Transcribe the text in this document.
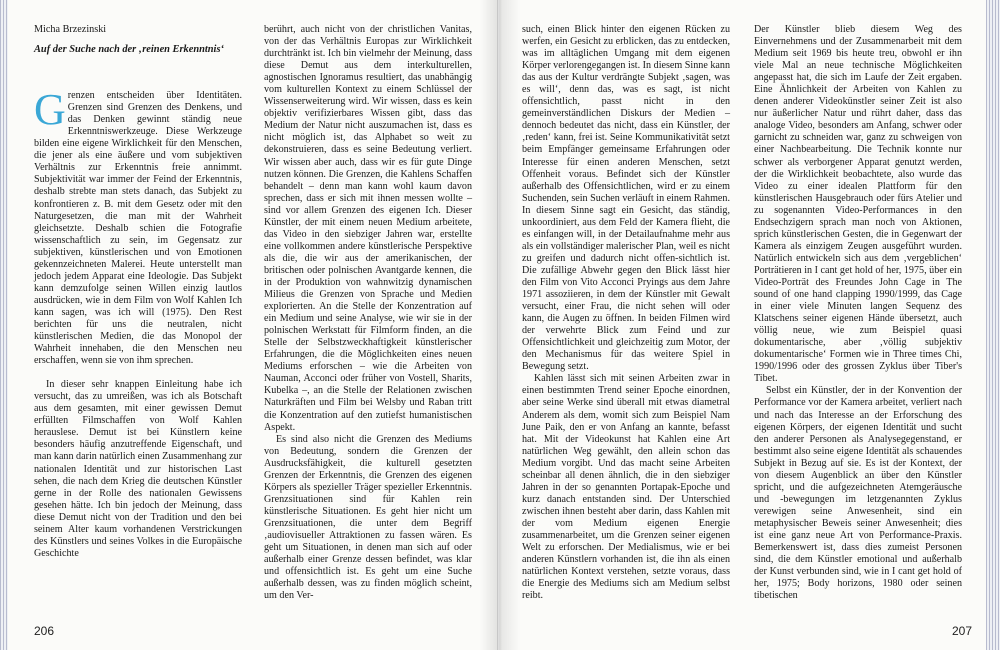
Micha Brzezinski
Auf der Suche nach der ‚reinen Erkenntnis‘

Grenzen entscheiden über Identitäten. Grenzen sind Grenzen des Denkens, und das Denken gewinnt ständig neue Erkenntniswerkzeuge. Diese Werkzeuge bilden eine eigene Wirklichkeit für den Menschen, die jener als eine äußere und vom subjektiven Verhältnis zur Erkenntnis freie annimmt. Subjektivität war immer der Feind der Erkenntnis, deshalb strebte man stets danach, das Subjekt zu konfrontieren z. B. mit dem Gesetz oder mit den Naturgesetzen, die man mit der Wahrheit gleichsetzte. Deshalb schien die Fotografie wissenschaftlich zu sein, im Gegensatz zur subjektiven, künstlerischen und von Emotionen gekennzeichneten Malerei. Heute unterstellt man jedoch jedem Apparat eine Ideologie. Das Subjekt kann demzufolge seinen Willen einzig lautlos ausdrücken, wie in dem Film von Wolf Kahlen Ich kann sagen, was ich will (1975). Den Rest berichten für uns die neutralen, nicht künstlerischen Medien, die das Monopol der Wahrheit innehaben, die den Menschen neu erschaffen, wenn sie von ihm sprechen.

In dieser sehr knappen Einleitung habe ich versucht, das zu umreißen, was ich als Botschaft aus dem gesamten, mit einer gewissen Demut erfüllten Filmschaffen von Wolf Kahlen herauslese. Demut ist bei Künstlern keine besonders häufig anzutreffende Eigenschaft, und man kann darin natürlich einen Zusammenhang zur nationalen Identität und zur historischen Last sehen, die nach dem Krieg die deutschen Künstler gerne in der Rolle des nationalen Gewissens gesehen hätte. Ich bin jedoch der Meinung, dass diese Demut nicht von der Tradition und den bei seinem Alter kaum vorhandenen Verstrickungen des Künstlers und seines Volkes in die Europäische Geschichte

berührt, auch nicht von der christlichen Vanitas, von der das Verhältnis Europas zur Wirklichkeit durchtränkt ist. Ich bin vielmehr der Meinung, dass diese Demut aus dem interkulturellen, agnostischen Ignoramus resultiert, das unabhängig vom kulturellen Kontext zu einem Schlüssel der Wissenserweiterung wird. Wir wissen, dass es kein objektiv verifizierbares Wissen gibt, dass das Medium der Natur nicht auszumachen ist, dass es nicht möglich ist, das Alphabet so weit zu dekonstruieren, dass es seine Bedeutung verliert. Wir wissen aber auch, dass wir es für gute Dinge nutzen können. Die Grenzen, die Kahlens Schaffen behandelt – denn man kann wohl kaum davon sprechen, dass er sich mit ihnen messen wollte – sind vor allem Grenzen des eigenen Ich. Dieser Künstler, der mit einem neuen Medium arbeitete, das Video in den siebziger Jahren war, erstellte eine vollkommen andere künstlerische Perspektive als die, die wir aus der amerikanischen, der britischen oder polnischen Avantgarde kennen, die in der Produktion von wahnwitzig dynamischen Milieus die Grenzen von Sprache und Medien explorierten. An die Stelle der Konzentration auf ein Medium und seine Analyse, wie wir sie in der polnischen Werkstatt für Filmform finden, an die Stelle der Selbstzweckhaftigkeit künstlerischer Erfahrungen, die die Möglichkeiten eines neuen Mediums erforschen – wie die Arbeiten von Nauman, Acconci oder früher von Vostell, Sharits, Kubelka –, an die Stelle der Relationen zwischen Naturkräften und Film bei Welsby und Raban tritt die Konzentration auf den zutiefst humanistischen Aspekt.

Es sind also nicht die Grenzen des Mediums von Bedeutung, sondern die Grenzen der Ausdrucksfähigkeit, die kulturell gesetzten Grenzen der Erkenntnis, die Grenzen des eigenen Körpers als spezieller Träger spezieller Erkenntnis. Grenzsituationen sind für Kahlen rein künstlerische Situationen. Es geht hier nicht um Grenzsituationen, die unter dem Begriff ‚audiovisueller Attraktionen zu fassen wären. Es geht um Situationen, in denen man sich auf oder außerhalb einer Grenze dessen befindet, was klar und offensichtlich ist. Es geht um eine Suche außerhalb dessen, was zu finden möglich scheint, um den Ver-

206

such, einen Blick hinter den eigenen Rücken zu werfen, ein Gesicht zu erblicken, das zu entdecken, was im alltäglichen Umgang mit dem eigenen Körper verlorengegangen ist. In diesem Sinne kann das aus der Kultur verdrängte Subjekt ‚sagen, was es will‘, denn das, was es sagt, ist nicht offensichtlich, passt nicht in den gemeinverständlichen Diskurs der Medien – dennoch bedeutet das nicht, dass ein Künstler, der ‚reden‘ kann, frei ist. Seine Kommunikativität setzt beim Empfänger gemeinsame Erfahrungen oder Interesse für einen anderen Menschen, setzt Offenheit voraus. Befindet sich der Künstler außerhalb des Offensichtlichen, wird er zu einem Suchenden, sein Suchen verläuft in einem Rahmen. In diesem Sinne sagt ein Gesicht, das ständig, unkoordiniert, aus dem Feld der Kamera flieht, die es einfangen will, in der Detailaufnahme mehr aus als ein vollständiger malerischer Plan, weil es nicht zu greifen und dadurch nicht offen-sichtlich ist. Die zufällige Abwehr gegen den Blick lässt hier den Film von Vito Acconci Pryings aus dem Jahre 1971 assoziieren, in dem der Künstler mit Gewalt versucht, einer Frau, die nicht sehen will oder kann, die Augen zu öffnen. In beiden Filmen wird der verwehrte Blick zum Feind und zur Offensichtlichkeit und gleichzeitig zum Motor, der den Mechanismus für das weitere Spiel in Bewegung setzt.

Kahlen lässt sich mit seinen Arbeiten zwar in einen bestimmten Trend seiner Epoche einordnen, aber seine Werke sind überall mit etwas diametral Anderem als dem, womit sich zum Beispiel Nam June Paik, den er von Anfang an kannte, befasst hat. Mit der Videokunst hat Kahlen eine Art natürlichen Weg gewählt, den allein schon das Medium vorgibt. Und das macht seine Arbeiten scheinbar all denen ähnlich, die in den siebziger Jahren in der so genannten Portapak-Epoche und kurz danach entstanden sind. Der Unterschied zwischen ihnen besteht aber darin, dass Kahlen mit der vom Medium eigenen Energie zusammenarbeitet, um die Grenzen seiner eigenen Welt zu erforschen. Der Medialismus, wie er bei anderen Künstlern vorhanden ist, die ihn als einen natürlichen Kontext verstehen, setzte voraus, dass die Energie des Mediums sich am Medium selbst reibt.

Der Künstler blieb diesem Weg des Einvernehmens und der Zusammenarbeit mit dem Medium seit 1969 bis heute treu, obwohl er ihn viele Mal an neue technische Möglichkeiten angepasst hat, die sich im Laufe der Zeit ergaben. Eine Ähnlichkeit der Arbeiten von Kahlen zu denen anderer Videokünstler seiner Zeit ist also nur äußerlicher Natur und rührt daher, dass das analoge Video, besonders am Anfang, schwer oder garnicht zu schneiden war, ganz zu schweigen von einer Nachbearbeitung. Die Technik konnte nur schwer als verborgener Apparat genutzt werden, der die Wirklichkeit beobachtete, also wurde das Video zu einer idealen Plattform für den künstlerischen Hausgebrauch oder fürs Atelier und zu sogenannten Video-Performances in den Endsechzigern sprach man noch von Aktionen, sprich künstlerischen Gesten, die in Gegenwart der Kamera als einzigem Zeugen ausgeführt wurden. Natürlich entwickeln sich aus dem ‚vergeblichen‘ Porträtieren in I cant get hold of her, 1975, über ein Video-Porträt des Freundes John Cage in The sound of one hand clapping 1990/1999, das Cage in einer viele Minuten langen Sequenz des Klatschens seiner eigenen Hände übersetzt, auch völlig neue, wie zum Beispiel quasi dokumentarische, aber ‚völlig subjektiv dokumentarische‘ Formen wie in Three times Chi, 1990/1996 oder des grossen Zyklus über Tiber's Tibet.

Selbst ein Künstler, der in der Konvention der Performance vor der Kamera arbeitet, verliert nach und nach das Interesse an der Erforschung des eigenen Körpers, der eigenen Identität und sucht den anderer Personen als Analysegegenstand, er bestimmt also seine eigene Identität als schauendes Subjekt in Bezug auf sie. Es ist der Kontext, der von diesem Augenblick an über den Künstler spricht, und die aufgezeichneten Atemgeräusche und -bewegungen im letzgenannten Zyklus verewigen seine Anwesenheit, sind ein metaphysischer Beweis seiner Anwesenheit; dies ist eine ganz neue Art von Performance-Praxis. Bemerkenswert ist, dass dies zumeist Personen sind, die dem Künstler emotional und außerhalb der Kunst verbunden sind, wie in I cant get hold of her, 1975; Body horizons, 1980 oder seinen tibetischen

207
